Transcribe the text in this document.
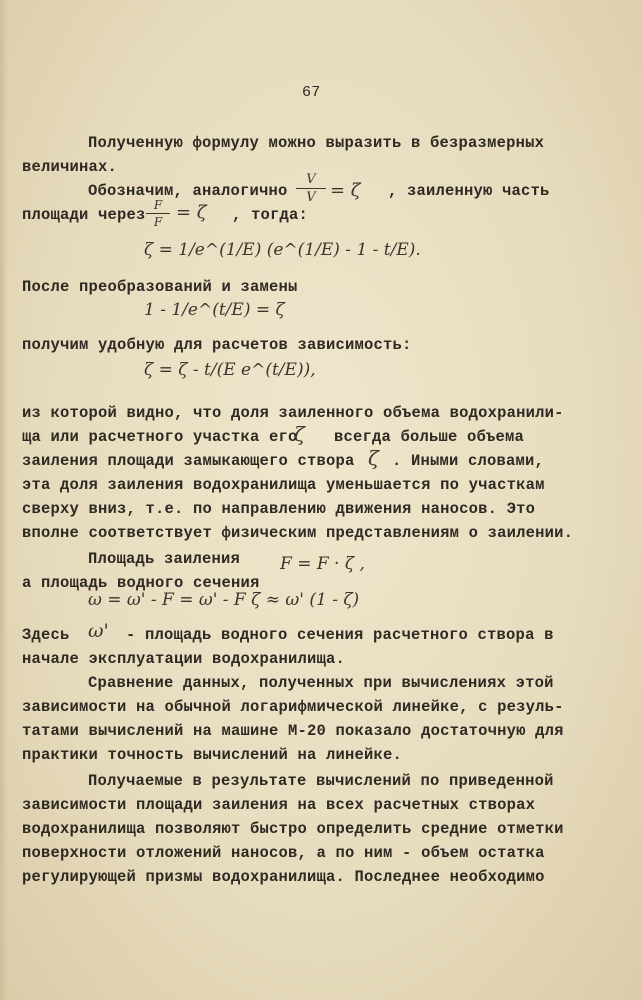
67
Полученную формулу можно выразить в безразмерных
величинах.
Обозначим, аналогично
V
V = ζ , заиленную часть
площади через
F
F = ζ , тогда:
ζ = 1/e^(1/E) (e^(1/E) - 1 - t/E).
После преобразований и замены
1 - 1/e^(t/E) = ζ
получим удобную для расчетов зависимость:
ζ = ζ - t/(E e^(t/E)),
из которой видно, что доля заиленного объема водохранили-
ща или расчетного участка его
ζ всегда больше объема
заиления площади замыкающего створа ζ . Иными словами,
эта доля заиления водохранилища уменьшается по участкам
сверху вниз, т.е. по направлению движения наносов. Это
вполне соответствует физическим представлениям о заилении.
Площадь заиления
а площадь водного сечения
F = F · ζ ,
ω = ω' - F = ω' - F ζ ≈ ω' (1 - ζ)
Здесь ω' - площадь водного сечения расчетного створа в
начале эксплуатации водохранилища.
Сравнение данных, полученных при вычислениях этой
зависимости на обычной логарифмической линейке, с резуль-
татами вычислений на машине М-20 показало достаточную для
практики точность вычислений на линейке.
Получаемые в результате вычислений по приведенной
зависимости площади заиления на всех расчетных створах
водохранилища позволяют быстро определить средние отметки
поверхности отложений наносов, а по ним - объем остатка
регулирующей призмы водохранилища. Последнее необходимо
